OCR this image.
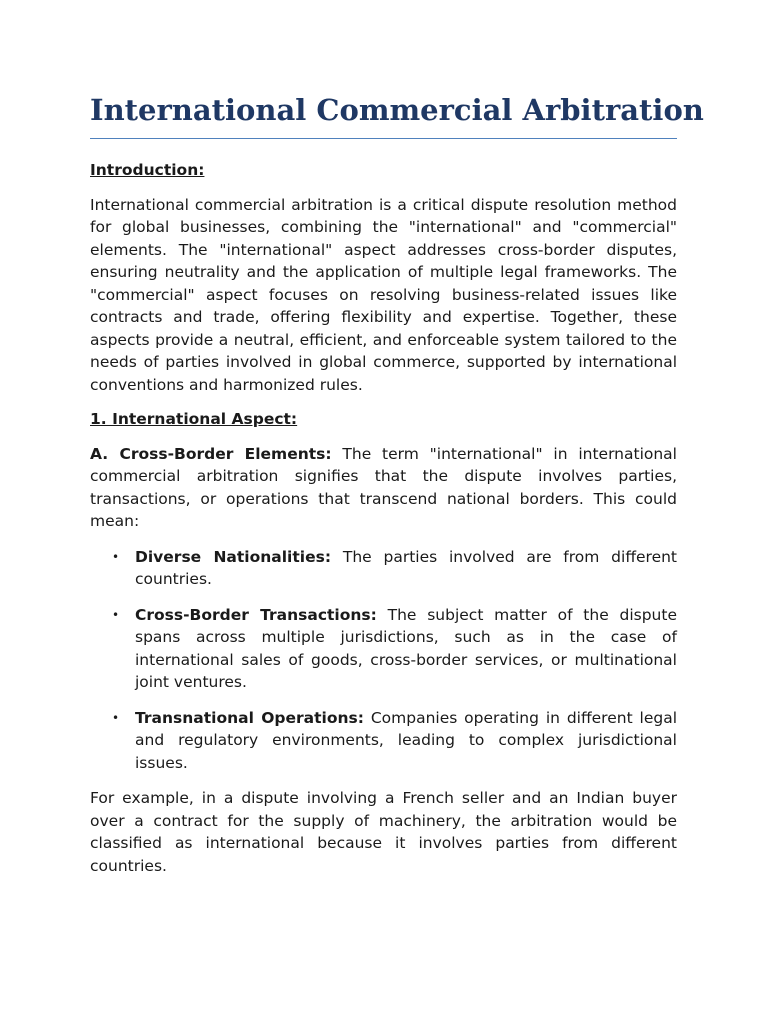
International Commercial Arbitration

Introduction:

International commercial arbitration is a critical dispute resolution method for global businesses, combining the "international" and "commercial" elements. The "international" aspect addresses cross-border disputes, ensuring neutrality and the application of multiple legal frameworks. The "commercial" aspect focuses on resolving business-related issues like contracts and trade, offering flexibility and expertise. Together, these aspects provide a neutral, efficient, and enforceable system tailored to the needs of parties involved in global commerce, supported by international conventions and harmonized rules.

1. International Aspect:

A. Cross-Border Elements: The term "international" in international commercial arbitration signifies that the dispute involves parties, transactions, or operations that transcend national borders. This could mean:

• Diverse Nationalities: The parties involved are from different countries.
• Cross-Border Transactions: The subject matter of the dispute spans across multiple jurisdictions, such as in the case of international sales of goods, cross-border services, or multinational joint ventures.
• Transnational Operations: Companies operating in different legal and regulatory environments, leading to complex jurisdictional issues.

For example, in a dispute involving a French seller and an Indian buyer over a contract for the supply of machinery, the arbitration would be classified as international because it involves parties from different countries.
